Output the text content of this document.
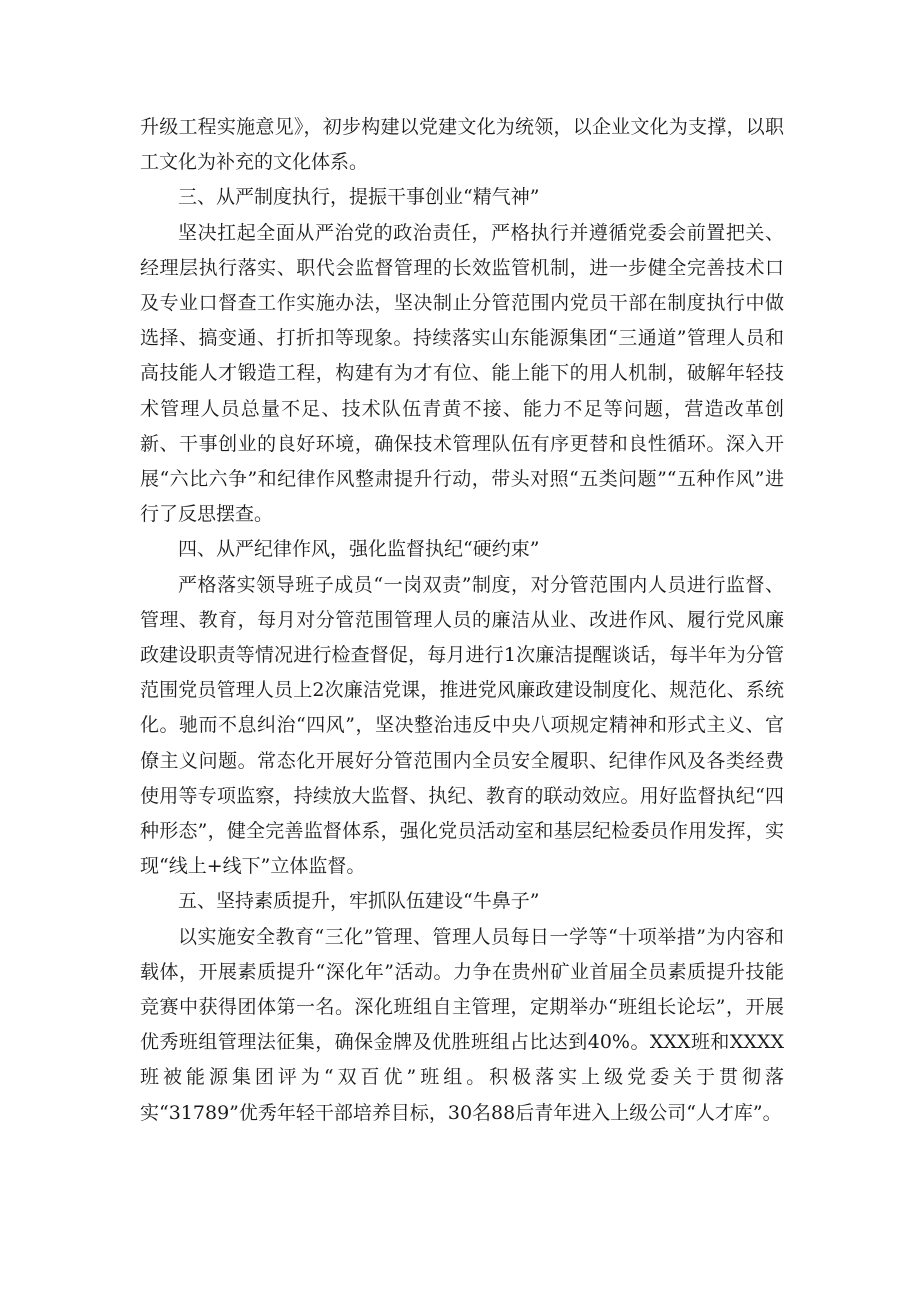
升级工程实施意见》，初步构建以党建文化为统领，以企业文化为支撑，以职工文化为补充的文化体系。

三、从严制度执行，提振干事创业“精气神”

坚决扛起全面从严治党的政治责任，严格执行并遵循党委会前置把关、经理层执行落实、职代会监督管理的长效监管机制，进一步健全完善技术口及专业口督查工作实施办法，坚决制止分管范围内党员干部在制度执行中做选择、搞变通、打折扣等现象。持续落实山东能源集团“三通道”管理人员和高技能人才锻造工程，构建有为才有位、能上能下的用人机制，破解年轻技术管理人员总量不足、技术队伍青黄不接、能力不足等问题，营造改革创新、干事创业的良好环境，确保技术管理队伍有序更替和良性循环。深入开展“六比六争”和纪律作风整肃提升行动，带头对照“五类问题”“五种作风”进行了反思摆查。

四、从严纪律作风，强化监督执纪“硬约束”

严格落实领导班子成员“一岗双责”制度，对分管范围内人员进行监督、管理、教育，每月对分管范围管理人员的廉洁从业、改进作风、履行党风廉政建设职责等情况进行检查督促，每月进行1次廉洁提醒谈话，每半年为分管范围党员管理人员上2次廉洁党课，推进党风廉政建设制度化、规范化、系统化。驰而不息纠治“四风”，坚决整治违反中央八项规定精神和形式主义、官僚主义问题。常态化开展好分管范围内全员安全履职、纪律作风及各类经费使用等专项监察，持续放大监督、执纪、教育的联动效应。用好监督执纪“四种形态”，健全完善监督体系，强化党员活动室和基层纪检委员作用发挥，实现“线上+线下”立体监督。

五、坚持素质提升，牢抓队伍建设“牛鼻子”

以实施安全教育“三化”管理、管理人员每日一学等“十项举措”为内容和载体，开展素质提升“深化年”活动。力争在贵州矿业首届全员素质提升技能竞赛中获得团体第一名。深化班组自主管理，定期举办“班组长论坛”，开展优秀班组管理法征集，确保金牌及优胜班组占比达到40%。XXX班和XXXX班被能源集团评为“双百优”班组。积极落实上级党委关于贯彻落实“31789”优秀年轻干部培养目标，30名88后青年进入上级公司“人才库”。
